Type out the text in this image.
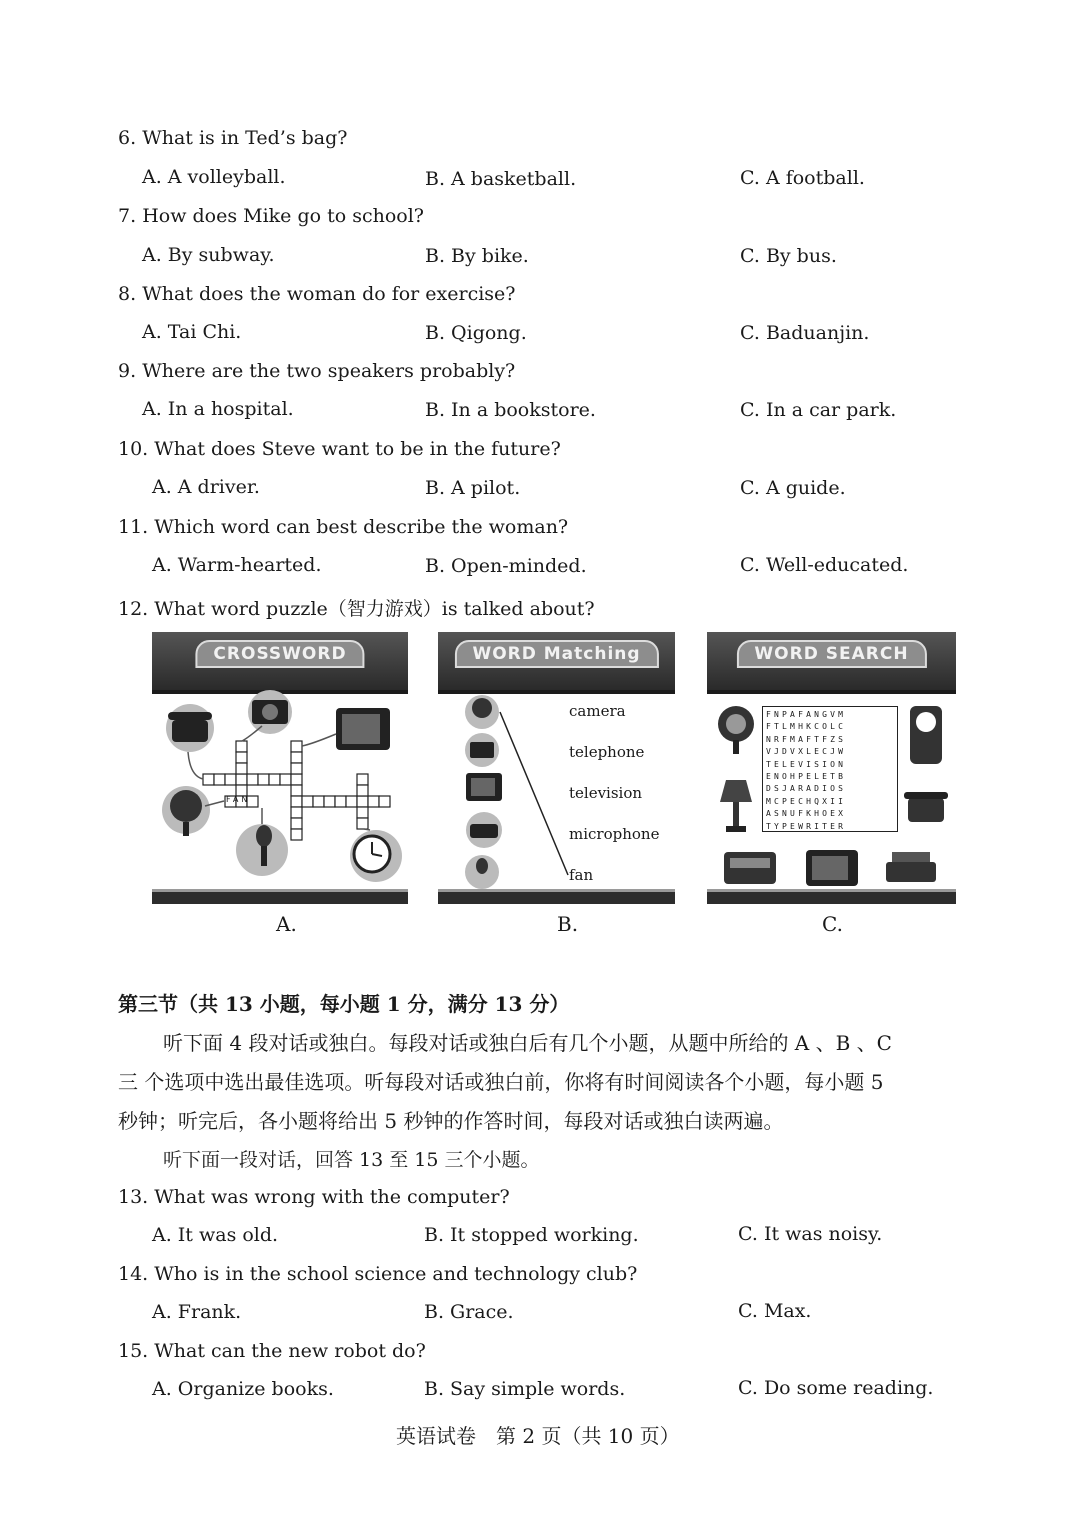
6. What is in Ted’s bag?
A. A volleyball.	B. A basketball.	C. A football.
7. How does Mike go to school?
A. By subway.	B. By bike.	C. By bus.
8. What does the woman do for exercise?
A. Tai Chi.	B. Qigong.	C. Baduanjin.
9. Where are the two speakers probably?
A. In a hospital.	B. In a bookstore.	C. In a car park.
10. What does Steve want to be in the future?
A. A driver.	B. A pilot.	C. A guide.
11. Which word can best describe the woman?
A. Warm-hearted.	B. Open-minded.	C. Well-educated.
12. What word puzzle（智力游戏）is talked about?
CROSSWORD	WORD Matching	WORD SEARCH
FAN
camera
telephone
television
microphone
fan
FNPAFANGVM
FTLMHKCOLC
NRFMAFTFZS
VJDVXLECJW
TELEVISION
ENOHPELETB
DSJARADIOS
MCPECHQXII
ASNUFKHOEX
TYPEWRITER
A.	B.	C.
第三节（共 13 小题，每小题 1 分，满分 13 分）
听下面 4 段对话或独白。每段对话或独白后有几个小题，从题中所给的 A 、B 、C
三 个选项中选出最佳选项。听每段对话或独白前，你将有时间阅读各个小题，每小题 5
秒钟；听完后，各小题将给出 5 秒钟的作答时间，每段对话或独白读两遍。
听下面一段对话，回答 13 至 15 三个小题。
13. What was wrong with the computer?
A. It was old.	B. It stopped working.	C. It was noisy.
14. Who is in the school science and technology club?
A. Frank.	B. Grace.	C. Max.
15. What can the new robot do?
A. Organize books.	B. Say simple words.	C. Do some reading.
英语试卷　第 2 页（共 10 页）
